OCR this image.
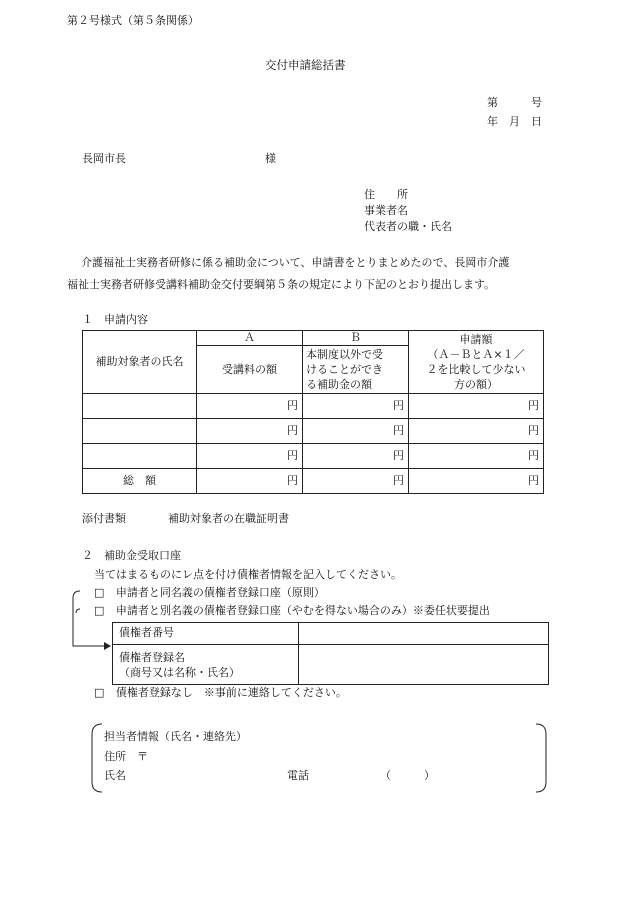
第２号様式（第５条関係）
交付申請総括書
第　　　号
年　月　日
長岡市長	様
住　　所
事業者名
代表者の職・氏名

介護福祉士実務者研修に係る補助金について、申請書をとりまとめたので、長岡市介護

福祉士実務者研修受講料補助金交付要綱第５条の規定により下記のとおり提出します。

１　申請内容
補助対象者の氏名	Ａ	Ｂ	申請額
（Ａ－ＢとＡ×１／
２を比較して少ない
方の額）

	受講料の額	本制度以外で受
けることができ
る補助金の額	

	円	円	円
	円	円	円
	円	円	円
総　額	円	円	円
添付書類	補助対象者の在職証明書
２　補助金受取口座
当てはまるものにレ点を付け債権者情報を記入してください。
□ 申請者と同名義の債権者登録口座（原則）
□ 申請者と別名義の債権者登録口座（やむを得ない場合のみ）※委任状要提出
債権者番号	

債権者登録名
（商号又は名称・氏名）	

□ 債権者登録なし　※事前に連絡してください。
担当者情報（氏名・連絡先）
住所　〒
氏名	電話	（　　　）
